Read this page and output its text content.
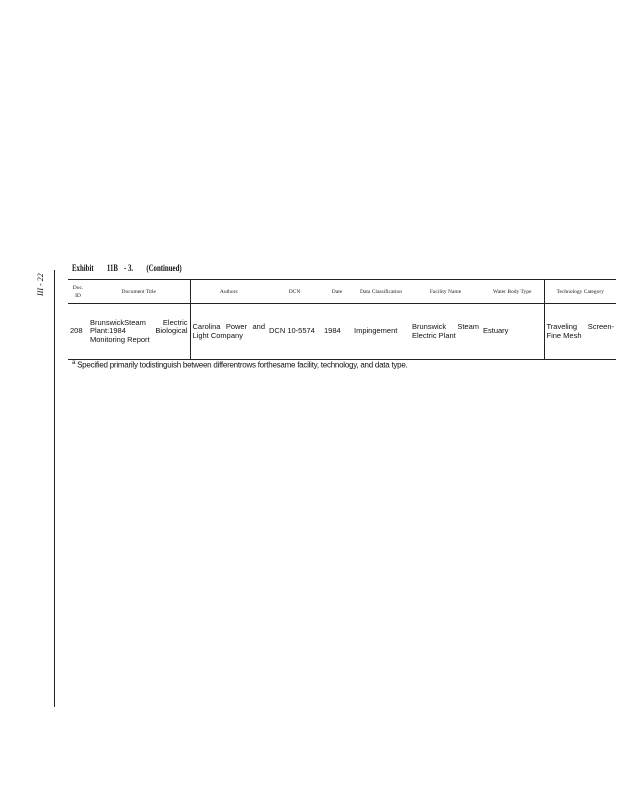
III - 22
Exhibit 11B - 3. (Continued)
Doc. ID	Document Title	Authors	DCN	Date	Data Classification	Facility Name	Water Body Type	Technology Category
208	BrunswickSteam Electric Plant:1984 Biological Monitoring Report	Carolina Power and Light Company	DCN 10-5574	1984	Impingement	Brunswick Steam Electric Plant	Estuary	Traveling Screen-Fine Mesh
$^a$ Specified primarily todistinguish between differentrows forthesame facility, technology, and data type.
